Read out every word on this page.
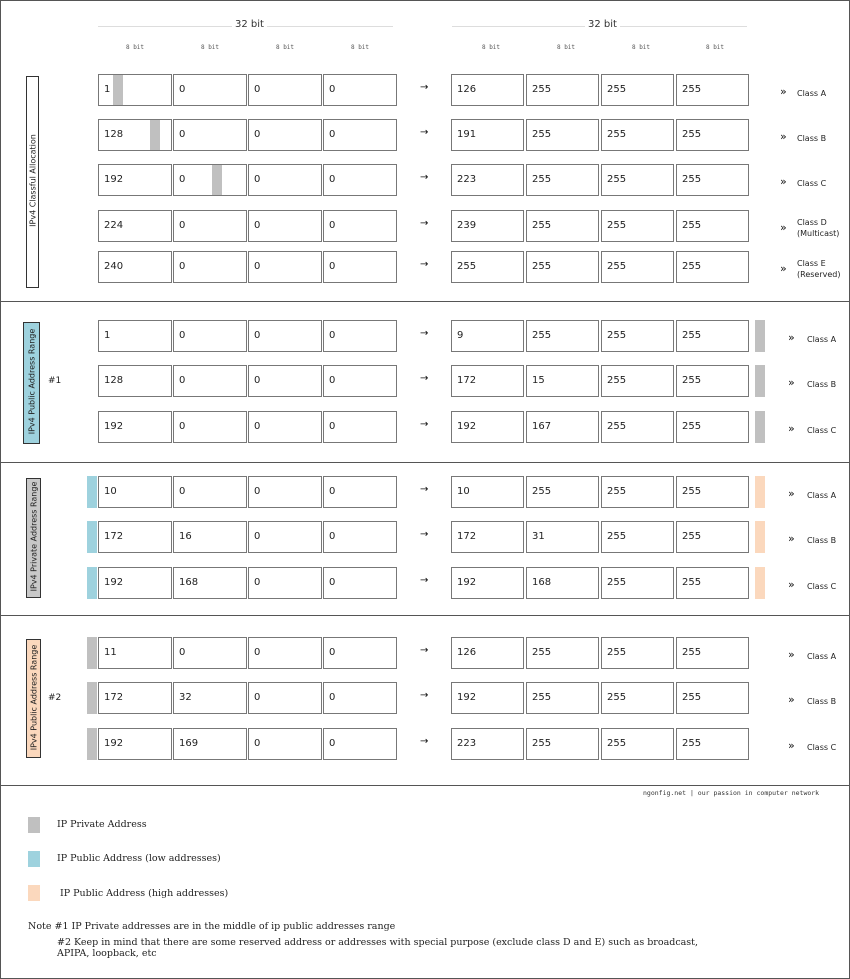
32 bit	32 bit
8 bit	8 bit	8 bit	8 bit	8 bit	8 bit	8 bit	8 bit
IPv4 Classful Allocation
1	0	0	0	→	126	255	255	255	» Class A
128	0	0	0	→	191	255	255	255	» Class B
192	0	0	0	→	223	255	255	255	» Class C
224	0	0	0	→	239	255	255	255	» Class D
(Multicast)
240	0	0	0	→	255	255	255	255	» Class E
(Reserved)
IPv4 Public Address Range #1
1	0	0	0	→	9	255	255	255	» Class A
128	0	0	0	→	172	15	255	255	» Class B
192	0	0	0	→	192	167	255	255	» Class C
IPv4 Private Address Range	10	0	0	0	→	10	255	255	255	» Class A
172	16	0	0	→	172	31	255	255	» Class B
192	168	0	0	→	192	168	255	255	» Class C
IPv4 Public Address Range #2
11	0	0	0	→	126	255	255	255	» Class A
172	32	0	0	→	192	255	255	255	» Class B
192	169	0	0	→	223	255	255	255	» Class C
ngonfig.net | our passion in computer network
IP Private Address
IP Public Address (low addresses)
IP Public Address (high addresses)
Note #1 IP Private addresses are in the middle of ip public addresses range
#2 Keep in mind that there are some reserved address or addresses with special purpose (exclude class D and E) such as broadcast,
APIPA, loopback, etc
